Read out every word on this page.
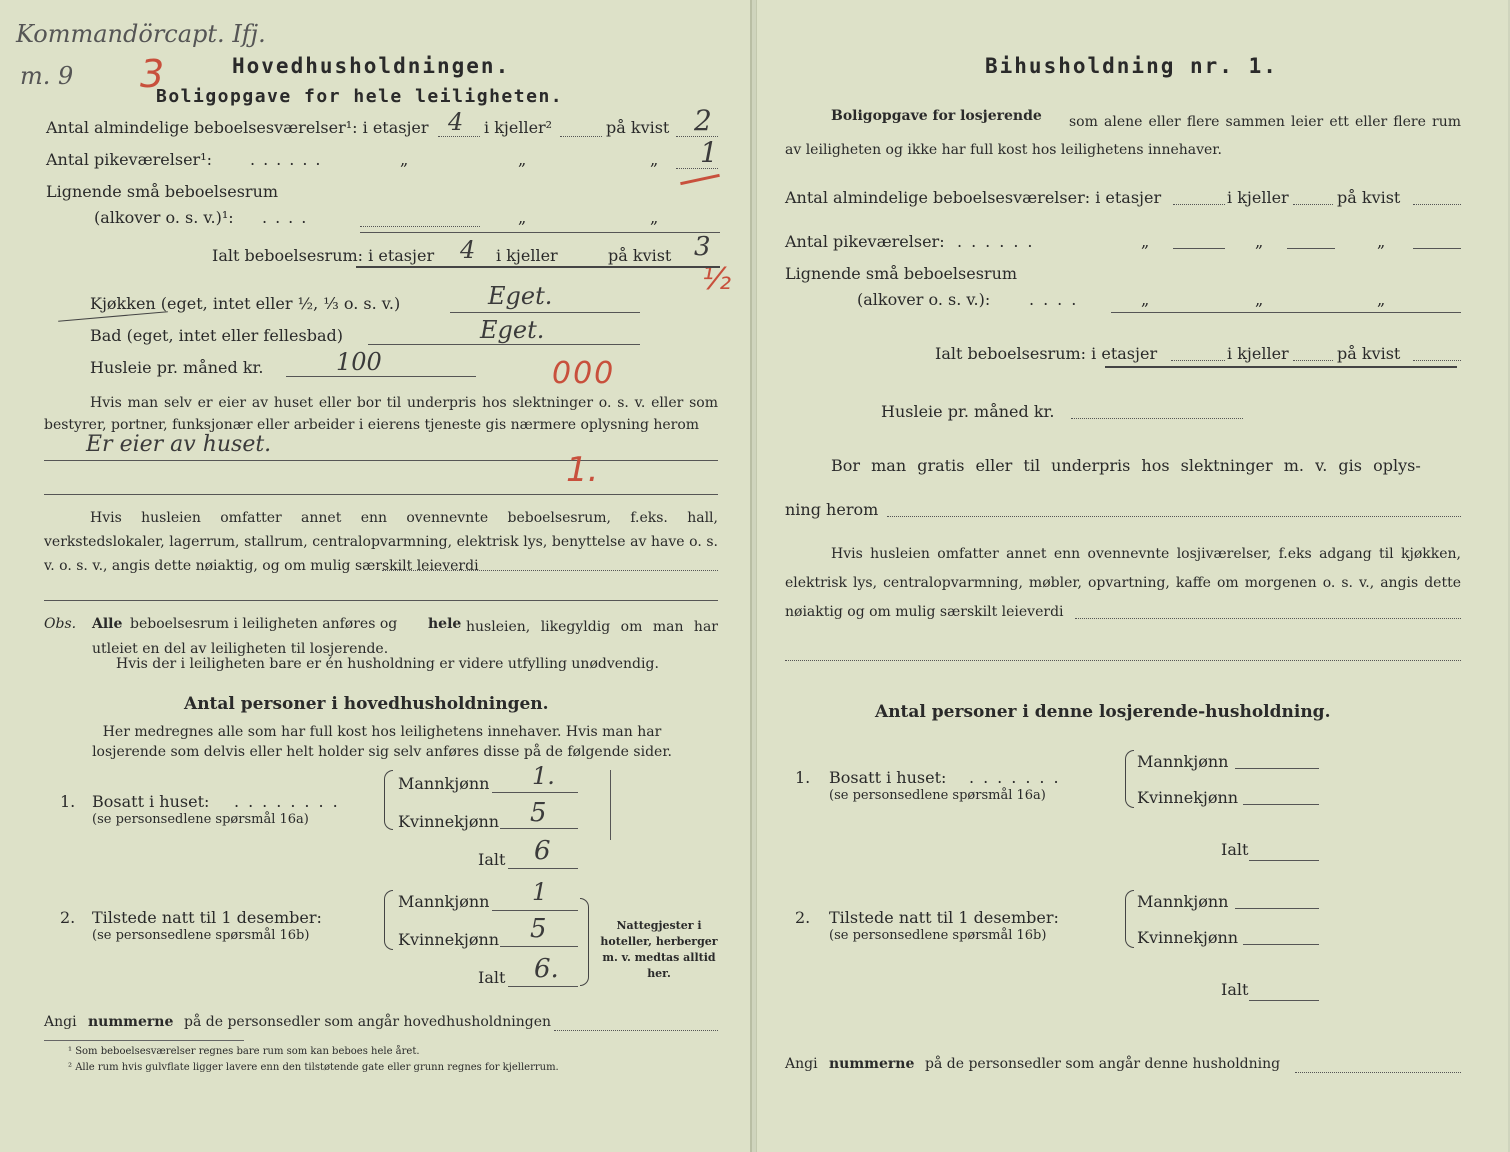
Kommandörcapt. Ifj.
m. 9 3	Hovedhusholdningen.
Boligopgave for hele leiligheten.
Antal almindelige beboelsesværelser¹: i etasjer 4 i kjeller²	på kvist 2
Antal pikeværelser¹: ......	„	„	„ 1
Lignende små beboelsesrum
(alkover o. s. v.)¹: ....	„	„
Ialt beboelsesrum: i etasjer 4 i kjeller	på kvist 3
½
Kjøkken (eget, intet eller ½, ⅓ o. s. v.)	Eget.
Bad (eget, intet eller fellesbad)	Eget.
Husleie pr. måned kr.	100	000
Hvis man selv er eier av huset eller bor til underpris hos slektninger o. s. v. eller som bestyrer, portner, funksjonær eller arbeider i eierens tjeneste gis nærmere oplysning herom
Er eier av huset.
1.
Hvis husleien omfatter annet enn ovennevnte beboelsesrum, f.eks. hall, verkstedslokaler, lagerrum, stallrum, centralopvarmning, elektrisk lys, benyttelse av have o. s. v. o. s. v., angis dette nøiaktig, og om mulig særskilt leieverdi
Obs. Alle beboelsesrum i leiligheten anføres og hele husleien, likegyldig om man har utleiet en del av leiligheten til losjerende.
Hvis der i leiligheten bare er én husholdning er videre utfylling unødvendig.
Antal personer i hovedhusholdningen.
Her medregnes alle som har full kost hos leilighetens innehaver. Hvis man har losjerende som delvis eller helt holder sig selv anføres disse på de følgende sider.
1. Bosatt i huset: ........
(se personsedlene spørsmål 16a)
Mannkjønn 1.
Kvinnekjønn 5
Ialt 6
2. Tilstede natt til 1 desember:
(se personsedlene spørsmål 16b)
Mannkjønn 1
Kvinnekjønn 5
Ialt 6.
Nattegjester i hoteller, herberger m. v. medtas alltid her.
Angi nummerne på de personsedler som angår hovedhusholdningen
¹ Som beboelsesværelser regnes bare rum som kan beboes hele året.
² Alle rum hvis gulvflate ligger lavere enn den tilstøtende gate eller grunn regnes for kjellerrum.
Bihusholdning nr. 1.
Boligopgave for losjerende	som alene eller flere sammen leier ett eller flere rum av leiligheten og ikke har full kost hos leilighetens innehaver.
Antal almindelige beboelsesværelser: i etasjer	i kjeller	på kvist
Antal pikeværelser: ......	„	„	„
Lignende små beboelsesrum
(alkover o. s. v.): ....	„	„	„
Ialt beboelsesrum: i etasjer	i kjeller	på kvist
Husleie pr. måned kr.
Bor man gratis eller til underpris hos slektninger m. v. gis oplys-
ning herom
Hvis husleien omfatter annet enn ovennevnte losjiværelser, f.eks adgang til kjøkken, elektrisk lys, centralopvarmning, møbler, opvartning, kaffe om morgenen o. s. v., angis dette nøiaktig og om mulig særskilt leieverdi
Antal personer i denne losjerende-husholdning.
1. Bosatt i huset: .......
(se personsedlene spørsmål 16a)
Mannkjønn
Kvinnekjønn
Ialt
2. Tilstede natt til 1 desember:
(se personsedlene spørsmål 16b)
Mannkjønn
Kvinnekjønn
Ialt
Angi nummerne på de personsedler som angår denne husholdning
